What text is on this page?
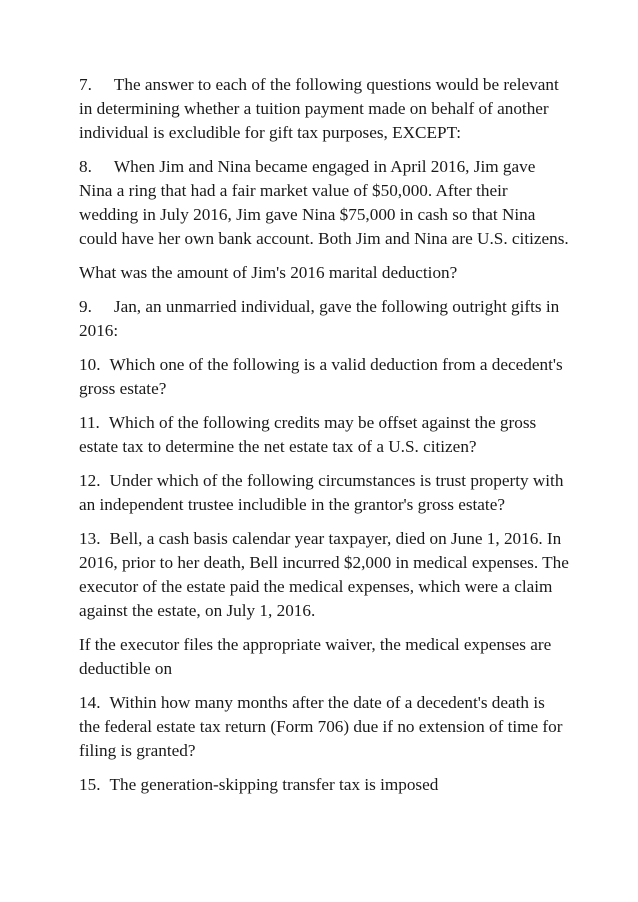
7. The answer to each of the following questions would be relevant in determining whether a tuition payment made on behalf of another individual is excludible for gift tax purposes, EXCEPT:

8. When Jim and Nina became engaged in April 2016, Jim gave Nina a ring that had a fair market value of $50,000. After their wedding in July 2016, Jim gave Nina $75,000 in cash so that Nina could have her own bank account. Both Jim and Nina are U.S. citizens.

What was the amount of Jim's 2016 marital deduction?

9. Jan, an unmarried individual, gave the following outright gifts in 2016:

10. Which one of the following is a valid deduction from a decedent's gross estate?

11. Which of the following credits may be offset against the gross estate tax to determine the net estate tax of a U.S. citizen?

12. Under which of the following circumstances is trust property with an independent trustee includible in the grantor's gross estate?

13. Bell, a cash basis calendar year taxpayer, died on June 1, 2016. In 2016, prior to her death, Bell incurred $2,000 in medical expenses. The executor of the estate paid the medical expenses, which were a claim against the estate, on July 1, 2016.

If the executor files the appropriate waiver, the medical expenses are deductible on

14. Within how many months after the date of a decedent's death is the federal estate tax return (Form 706) due if no extension of time for filing is granted?

15. The generation-skipping transfer tax is imposed
